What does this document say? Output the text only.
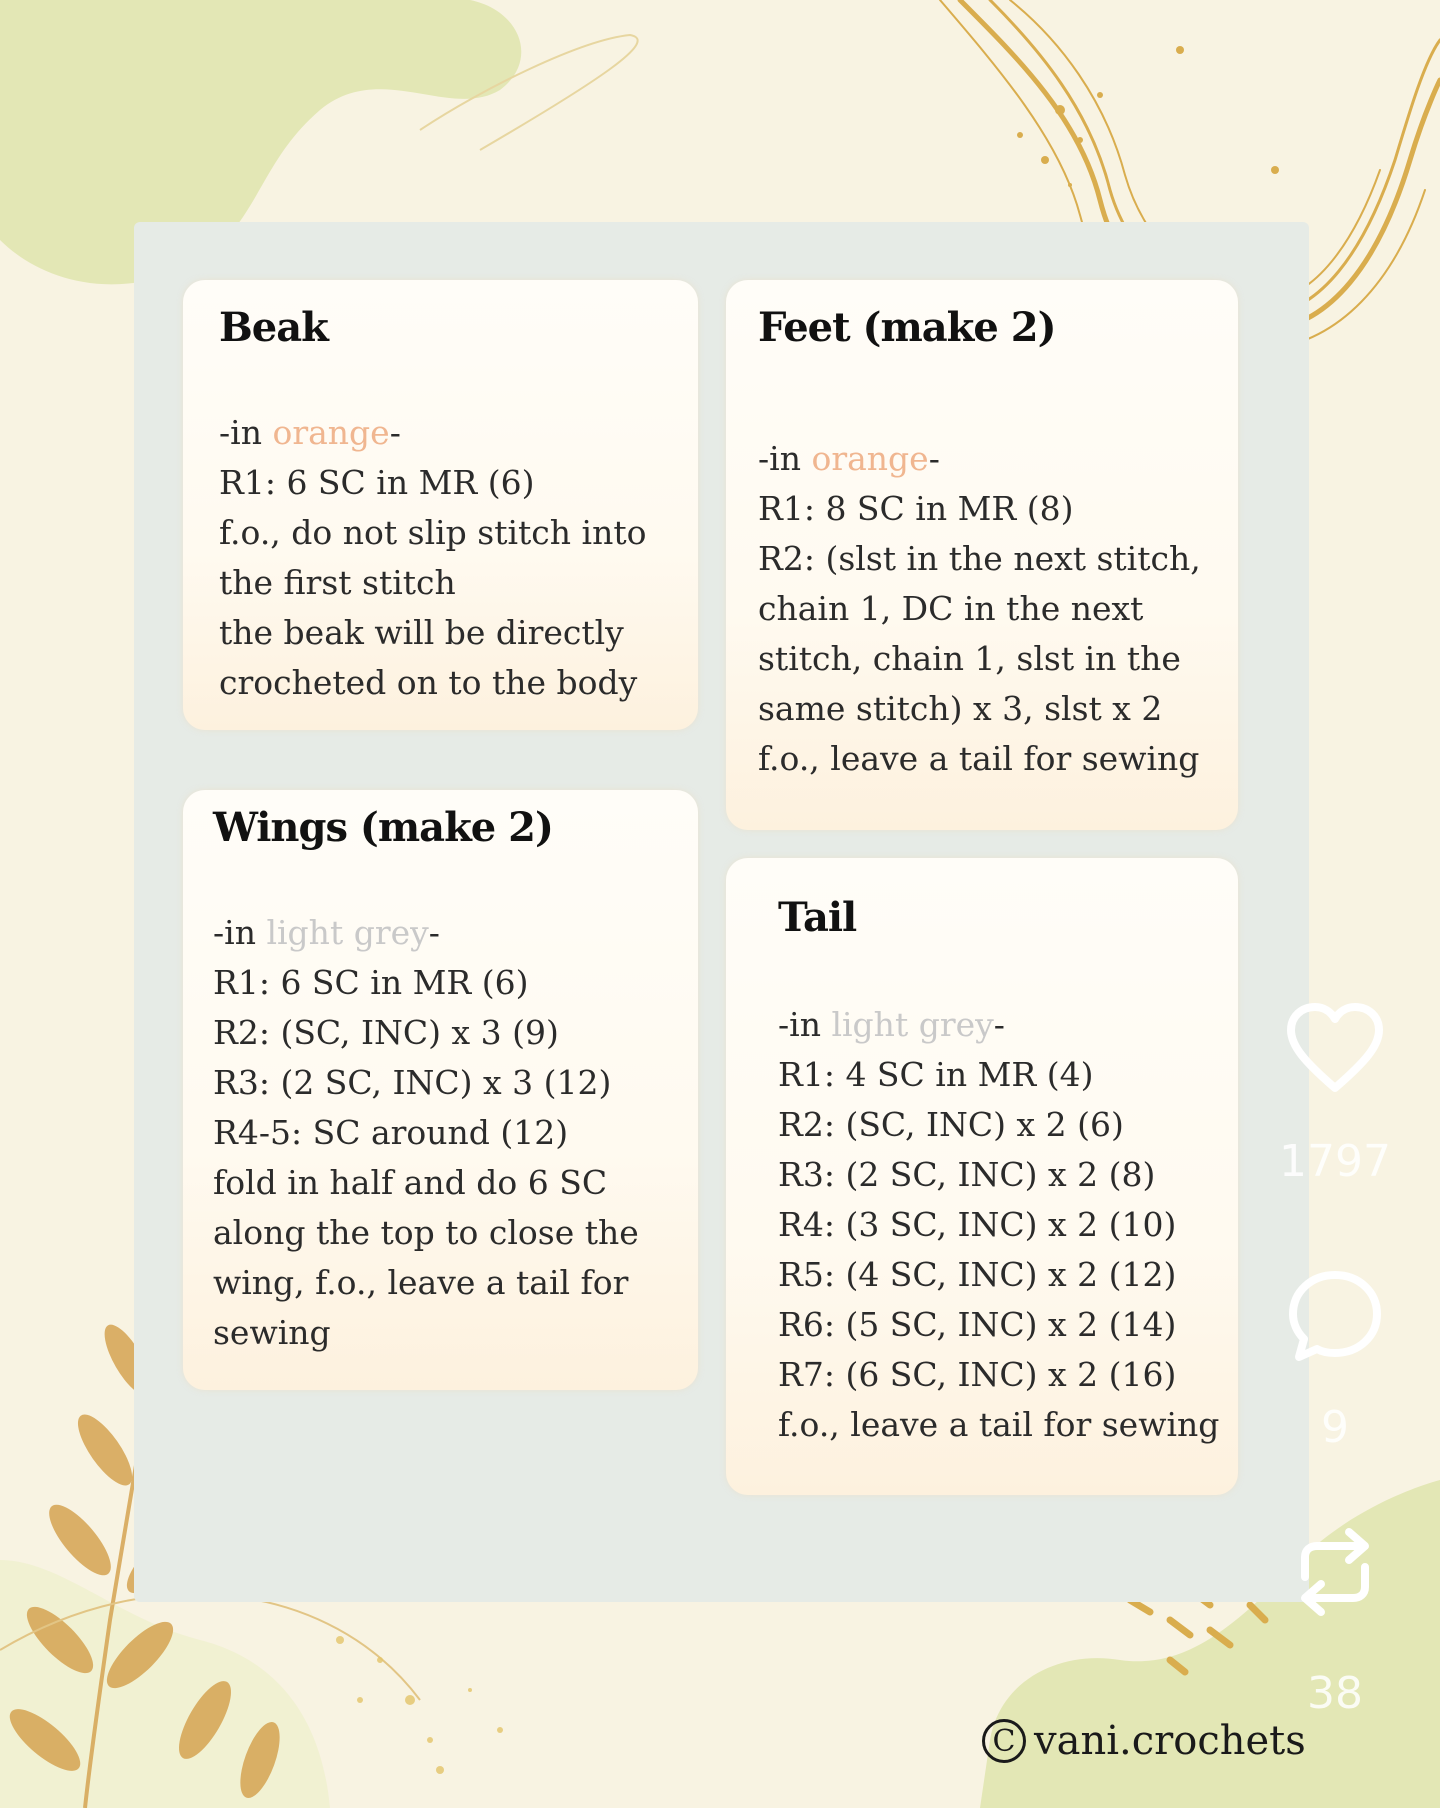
Beak
-in orange-
R1: 6 SC in MR (6)
f.o., do not slip stitch into
the first stitch
the beak will be directly
crocheted on to the body
Feet (make 2)
-in orange-
R1: 8 SC in MR (8)
R2: (slst in the next stitch,
chain 1, DC in the next
stitch, chain 1, slst in the
same stitch) x 3, slst x 2
f.o., leave a tail for sewing
Wings (make 2)
-in light grey-
R1: 6 SC in MR (6)
R2: (SC, INC) x 3 (9)
R3: (2 SC, INC) x 3 (12)
R4-5: SC around (12)
fold in half and do 6 SC
along the top to close the
wing, f.o., leave a tail for
sewing
Tail
-in light grey-
R1: 4 SC in MR (4)
R2: (SC, INC) x 2 (6)
R3: (2 SC, INC) x 2 (8)
R4: (3 SC, INC) x 2 (10)
R5: (4 SC, INC) x 2 (12)
R6: (5 SC, INC) x 2 (14)
R7: (6 SC, INC) x 2 (16)
f.o., leave a tail for sewing
1797
9
38
C vani.crochets
